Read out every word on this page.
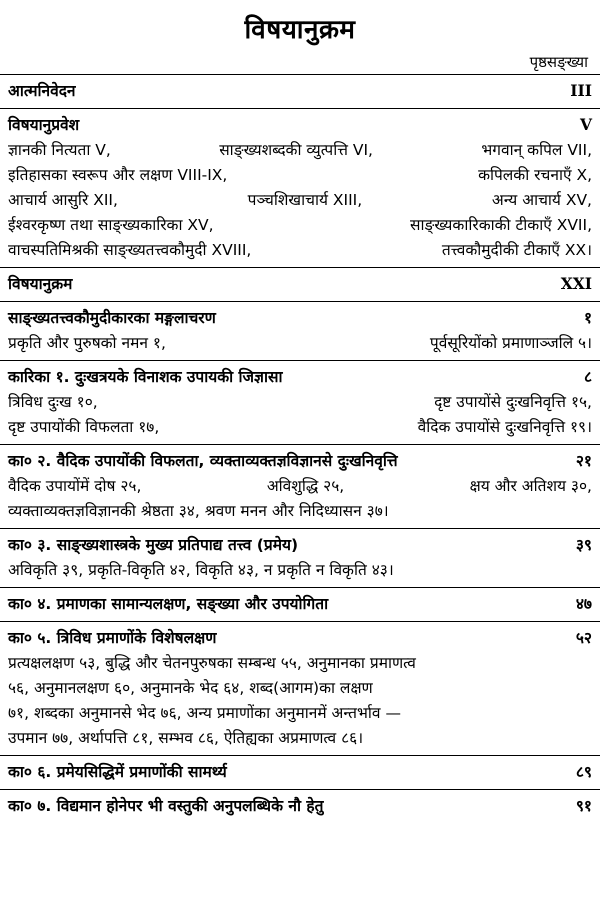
विषयानुक्रम
पृष्ठसङ्ख्या
आत्मनिवेदन	III
विषयानुप्रवेश	V
ज्ञानकी नित्यता V,	साङ्ख्यशब्दकी व्युत्पत्ति VI,	भगवान् कपिल VII,
इतिहासका स्वरूप और लक्षण VIII-IX,	कपिलकी रचनाएँ X,
आचार्य आसुरि XII,	पञ्चशिखाचार्य XIII,	अन्य आचार्य XV,
ईश्वरकृष्ण तथा साङ्ख्यकारिका XV,	साङ्ख्यकारिकाकी टीकाएँ XVII,
वाचस्पतिमिश्रकी साङ्ख्यतत्त्वकौमुदी XVIII,	तत्त्वकौमुदीकी टीकाएँ XX।
विषयानुक्रम	XXI
साङ्ख्यतत्त्वकौमुदीकारका मङ्गलाचरण	१
प्रकृति और पुरुषको नमन १,	पूर्वसूरियोंको प्रमाणाञ्जलि ५।
कारिका १. दुःखत्रयके विनाशक उपायकी जिज्ञासा	८
त्रिविध दुःख १०,	दृष्ट उपायोंसे दुःखनिवृत्ति १५,
दृष्ट उपायोंकी विफलता १७,	वैदिक उपायोंसे दुःखनिवृत्ति १९।
का० २. वैदिक उपायोंकी विफलता, व्यक्ताव्यक्तज्ञविज्ञानसे दुःखनिवृत्ति	२१
वैदिक उपायोंमें दोष २५,	अविशुद्धि २५,	क्षय और अतिशय ३०,
व्यक्ताव्यक्तज्ञविज्ञानकी श्रेष्ठता ३४, श्रवण मनन और निदिध्यासन ३७।
का० ३. साङ्ख्यशास्त्रके मुख्य प्रतिपाद्य तत्त्व (प्रमेय)	३९
अविकृति ३९, प्रकृति-विकृति ४२, विकृति ४३, न प्रकृति न विकृति ४३।
का० ४. प्रमाणका सामान्यलक्षण, सङ्ख्या और उपयोगिता	४७
का० ५. त्रिविध प्रमाणोंके विशेषलक्षण	५२
प्रत्यक्षलक्षण ५३, बुद्धि और चेतनपुरुषका सम्बन्ध ५५, अनुमानका प्रमाणत्व
५६, अनुमानलक्षण ६०, अनुमानके भेद ६४, शब्द(आगम)का लक्षण
७१, शब्दका अनुमानसे भेद ७६, अन्य प्रमाणोंका अनुमानमें अन्तर्भाव —
उपमान ७७, अर्थापत्ति ८१, सम्भव ८६, ऐतिह्यका अप्रमाणत्व ८६।
का० ६. प्रमेयसिद्धिमें प्रमाणोंकी सामर्थ्य	८९
का० ७. विद्यमान होनेपर भी वस्तुकी अनुपलब्धिके नौ हेतु	९१
